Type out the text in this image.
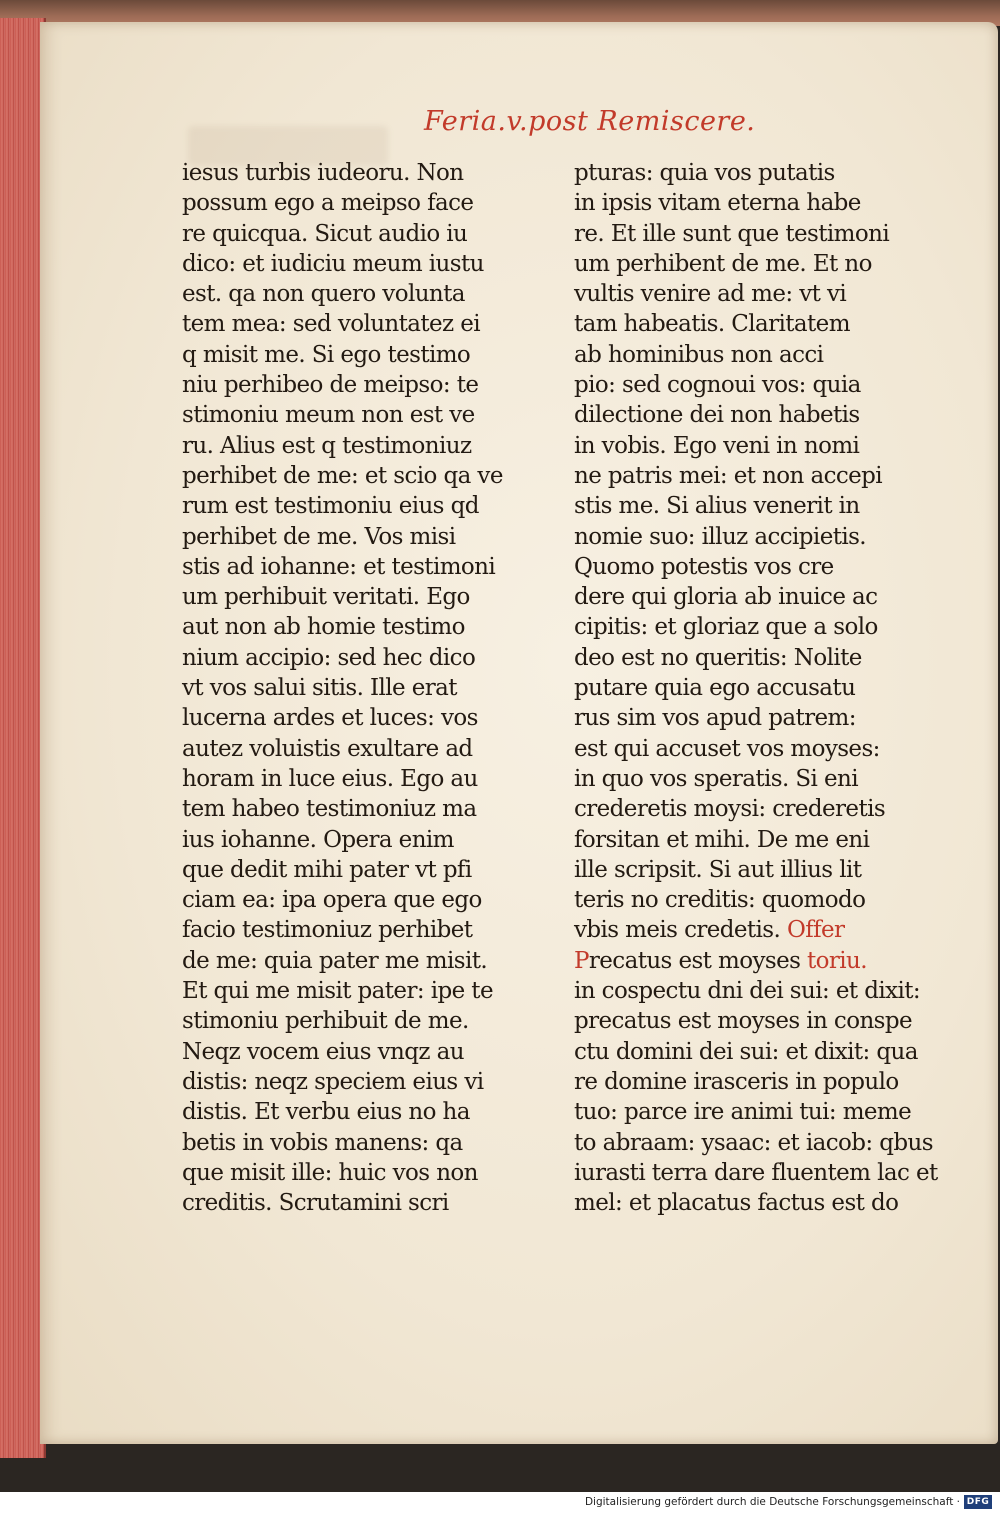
Feria.v.post Remiscere.
iesus turbis iudeoru. Non
possum ego a meipso face
re quicqua. Sicut audio iu
dico: et iudiciu meum iustu
est. qa non quero volunta
tem mea: sed voluntatez ei
q misit me. Si ego testimo
niu perhibeo de meipso: te
stimoniu meum non est ve
ru. Alius est q testimoniuz
perhibet de me: et scio qa ve
rum est testimoniu eius qd
perhibet de me. Vos misi
stis ad iohanne: et testimoni
um perhibuit veritati. Ego
aut non ab homie testimo
nium accipio: sed hec dico
vt vos salui sitis. Ille erat
lucerna ardes et luces: vos
autez voluistis exultare ad
horam in luce eius. Ego au
tem habeo testimoniuz ma
ius iohanne. Opera enim
que dedit mihi pater vt pfi
ciam ea: ipa opera que ego
facio testimoniuz perhibet
de me: quia pater me misit.
Et qui me misit pater: ipe te
stimoniu perhibuit de me.
Neqz vocem eius vnqz au
distis: neqz speciem eius vi
distis. Et verbu eius no ha
betis in vobis manens: qa
que misit ille: huic vos non
creditis. Scrutamini scri
pturas: quia vos putatis
in ipsis vitam eterna habe
re. Et ille sunt que testimoni
um perhibent de me. Et no
vultis venire ad me: vt vi
tam habeatis. Claritatem
ab hominibus non acci
pio: sed cognoui vos: quia
dilectione dei non habetis
in vobis. Ego veni in nomi
ne patris mei: et non accepi
stis me. Si alius venerit in
nomie suo: illuz accipietis.
Quomo potestis vos cre
dere qui gloria ab inuice ac
cipitis: et gloriaz que a solo
deo est no queritis: Nolite
putare quia ego accusatu
rus sim vos apud patrem:
est qui accuset vos moyses:
in quo vos speratis. Si eni
crederetis moysi: crederetis
forsitan et mihi. De me eni
ille scripsit. Si aut illius lit
teris no creditis: quomodo
vbis meis credetis. Offer
Precatus est moyses toriu.
in cospectu dni dei sui: et dixit:
precatus est moyses in conspe
ctu domini dei sui: et dixit: qua
re domine irasceris in populo
tuo: parce ire animi tui: meme
to abraam: ysaac: et iacob: qbus
iurasti terra dare fluentem lac et
mel: et placatus factus est do
Digitalisierung gefördert durch die Deutsche Forschungsgemeinschaft · DFG
